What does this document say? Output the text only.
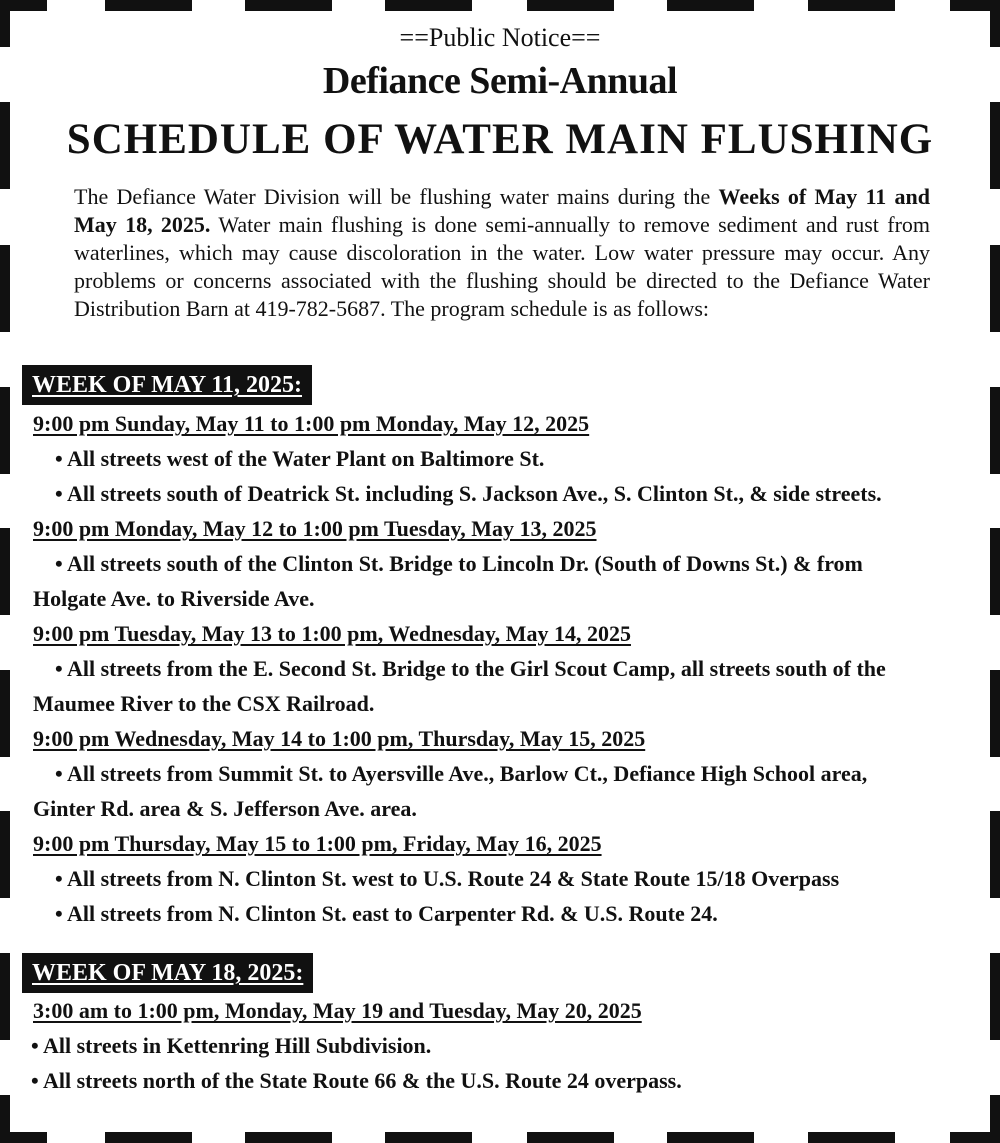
==Public Notice==
Defiance Semi-Annual
SCHEDULE OF WATER MAIN FLUSHING
The Defiance Water Division will be flushing water mains during the Weeks of May 11 and May 18, 2025. Water main flushing is done semi-annually to remove sediment and rust from waterlines, which may cause discoloration in the water. Low water pressure may occur. Any problems or concerns associated with the flushing should be directed to the Defiance Water Distribution Barn at 419-782-5687. The program schedule is as follows:
WEEK OF MAY 11, 2025:
9:00 pm Sunday, May 11 to 1:00 pm Monday, May 12, 2025
• All streets west of the Water Plant on Baltimore St.
• All streets south of Deatrick St. including S. Jackson Ave., S. Clinton St., & side streets.
9:00 pm Monday, May 12 to 1:00 pm Tuesday, May 13, 2025
• All streets south of the Clinton St. Bridge to Lincoln Dr. (South of Downs St.) & from
Holgate Ave. to Riverside Ave.
9:00 pm Tuesday, May 13 to 1:00 pm, Wednesday, May 14, 2025
• All streets from the E. Second St. Bridge to the Girl Scout Camp, all streets south of the
Maumee River to the CSX Railroad.
9:00 pm Wednesday, May 14 to 1:00 pm, Thursday, May 15, 2025
• All streets from Summit St. to Ayersville Ave., Barlow Ct., Defiance High School area,
Ginter Rd. area & S. Jefferson Ave. area.
9:00 pm Thursday, May 15 to 1:00 pm, Friday, May 16, 2025
• All streets from N. Clinton St. west to U.S. Route 24 & State Route 15/18 Overpass
• All streets from N. Clinton St. east to Carpenter Rd. & U.S. Route 24.
WEEK OF MAY 18, 2025:
3:00 am to 1:00 pm, Monday, May 19 and Tuesday, May 20, 2025
• All streets in Kettenring Hill Subdivision.
• All streets north of the State Route 66 & the U.S. Route 24 overpass.
